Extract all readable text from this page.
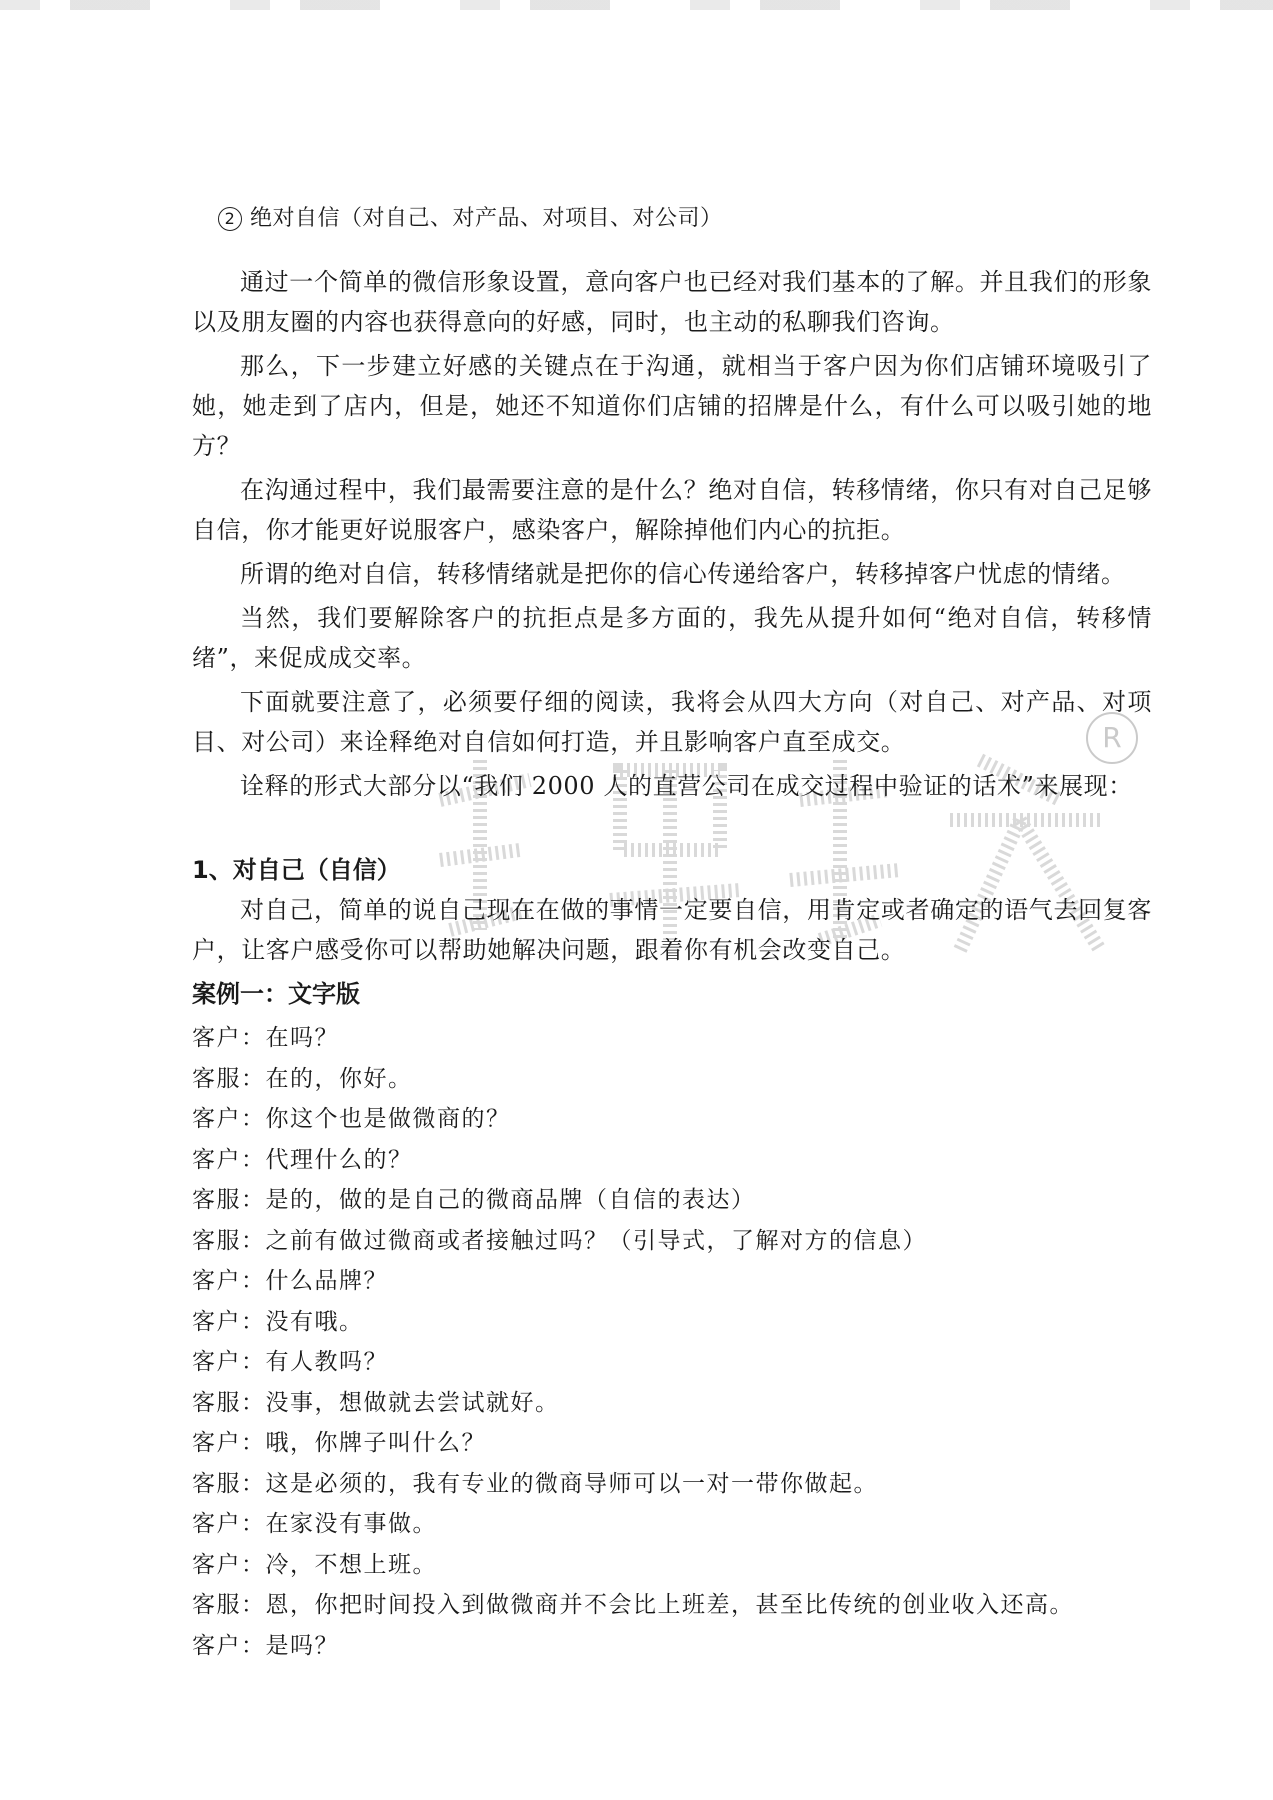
R
2 绝对自信（对自己、对产品、对项目、对公司）

通过一个简单的微信形象设置，意向客户也已经对我们基本的了解。并且我们的形象以及朋友圈的内容也获得意向的好感，同时，也主动的私聊我们咨询。

那么，下一步建立好感的关键点在于沟通，就相当于客户因为你们店铺环境吸引了她，她走到了店内，但是，她还不知道你们店铺的招牌是什么，有什么可以吸引她的地方？

在沟通过程中，我们最需要注意的是什么？绝对自信，转移情绪，你只有对自己足够自信，你才能更好说服客户，感染客户，解除掉他们内心的抗拒。

所谓的绝对自信，转移情绪就是把你的信心传递给客户，转移掉客户忧虑的情绪。

当然，我们要解除客户的抗拒点是多方面的，我先从提升如何“绝对自信，转移情绪”，来促成成交率。

下面就要注意了，必须要仔细的阅读，我将会从四大方向（对自己、对产品、对项目、对公司）来诠释绝对自信如何打造，并且影响客户直至成交。

诠释的形式大部分以“我们 2000 人的直营公司在成交过程中验证的话术”来展现：

1、对自己（自信）

对自己，简单的说自己现在在做的事情一定要自信，用肯定或者确定的语气去回复客户，让客户感受你可以帮助她解决问题，跟着你有机会改变自己。

案例一：文字版
客户：在吗？
客服：在的，你好。
客户：你这个也是做微商的？
客户：代理什么的？
客服：是的，做的是自己的微商品牌（自信的表达）
客服：之前有做过微商或者接触过吗？（引导式，了解对方的信息）
客户：什么品牌？
客户：没有哦。
客户：有人教吗？
客服：没事，想做就去尝试就好。
客户：哦，你牌子叫什么？
客服：这是必须的，我有专业的微商导师可以一对一带你做起。
客户：在家没有事做。
客户：冷，不想上班。
客服：恩，你把时间投入到做微商并不会比上班差，甚至比传统的创业收入还高。
客户：是吗？
